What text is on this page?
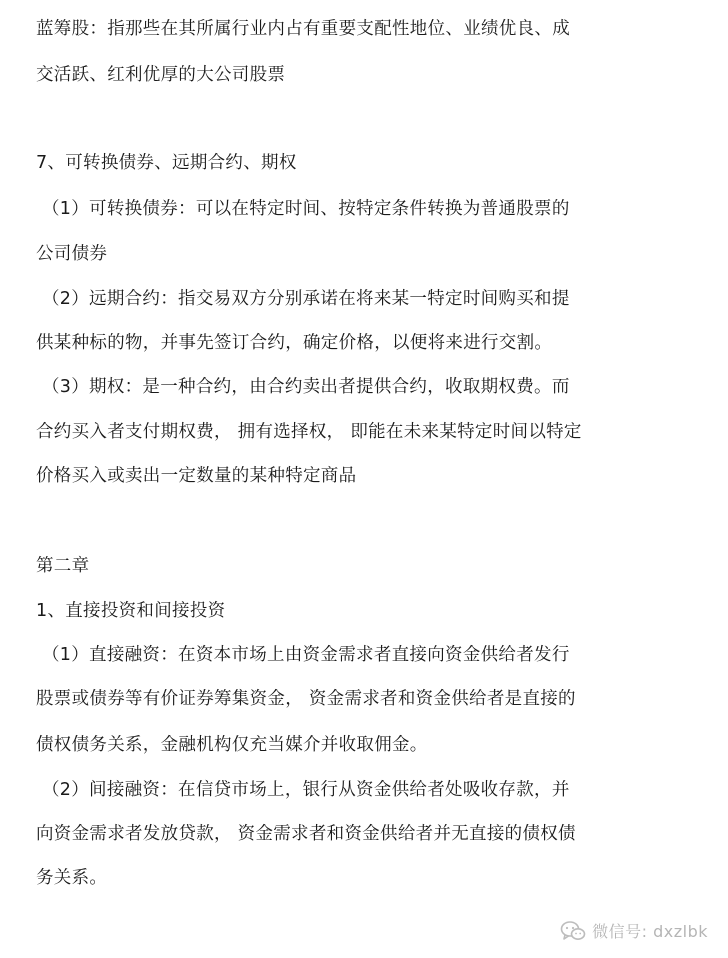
蓝筹股：指那些在其所属行业内占有重要支配性地位、业绩优良、成
交活跃、红利优厚的大公司股票
7、可转换债券、远期合约、期权
（1）可转换债券：可以在特定时间、按特定条件转换为普通股票的
公司债券
（2）远期合约：指交易双方分别承诺在将来某一特定时间购买和提
供某种标的物，并事先签订合约，确定价格，以便将来进行交割。
（3）期权：是一种合约，由合约卖出者提供合约，收取期权费。而
合约买入者支付期权费， 拥有选择权， 即能在未来某特定时间以特定
价格买入或卖出一定数量的某种特定商品
第二章
1、直接投资和间接投资
（1）直接融资：在资本市场上由资金需求者直接向资金供给者发行
股票或债券等有价证券筹集资金， 资金需求者和资金供给者是直接的
债权债务关系，金融机构仅充当媒介并收取佣金。
（2）间接融资：在信贷市场上，银行从资金供给者处吸收存款，并
向资金需求者发放贷款， 资金需求者和资金供给者并无直接的债权债
务关系。
微信号: dxzlbk
